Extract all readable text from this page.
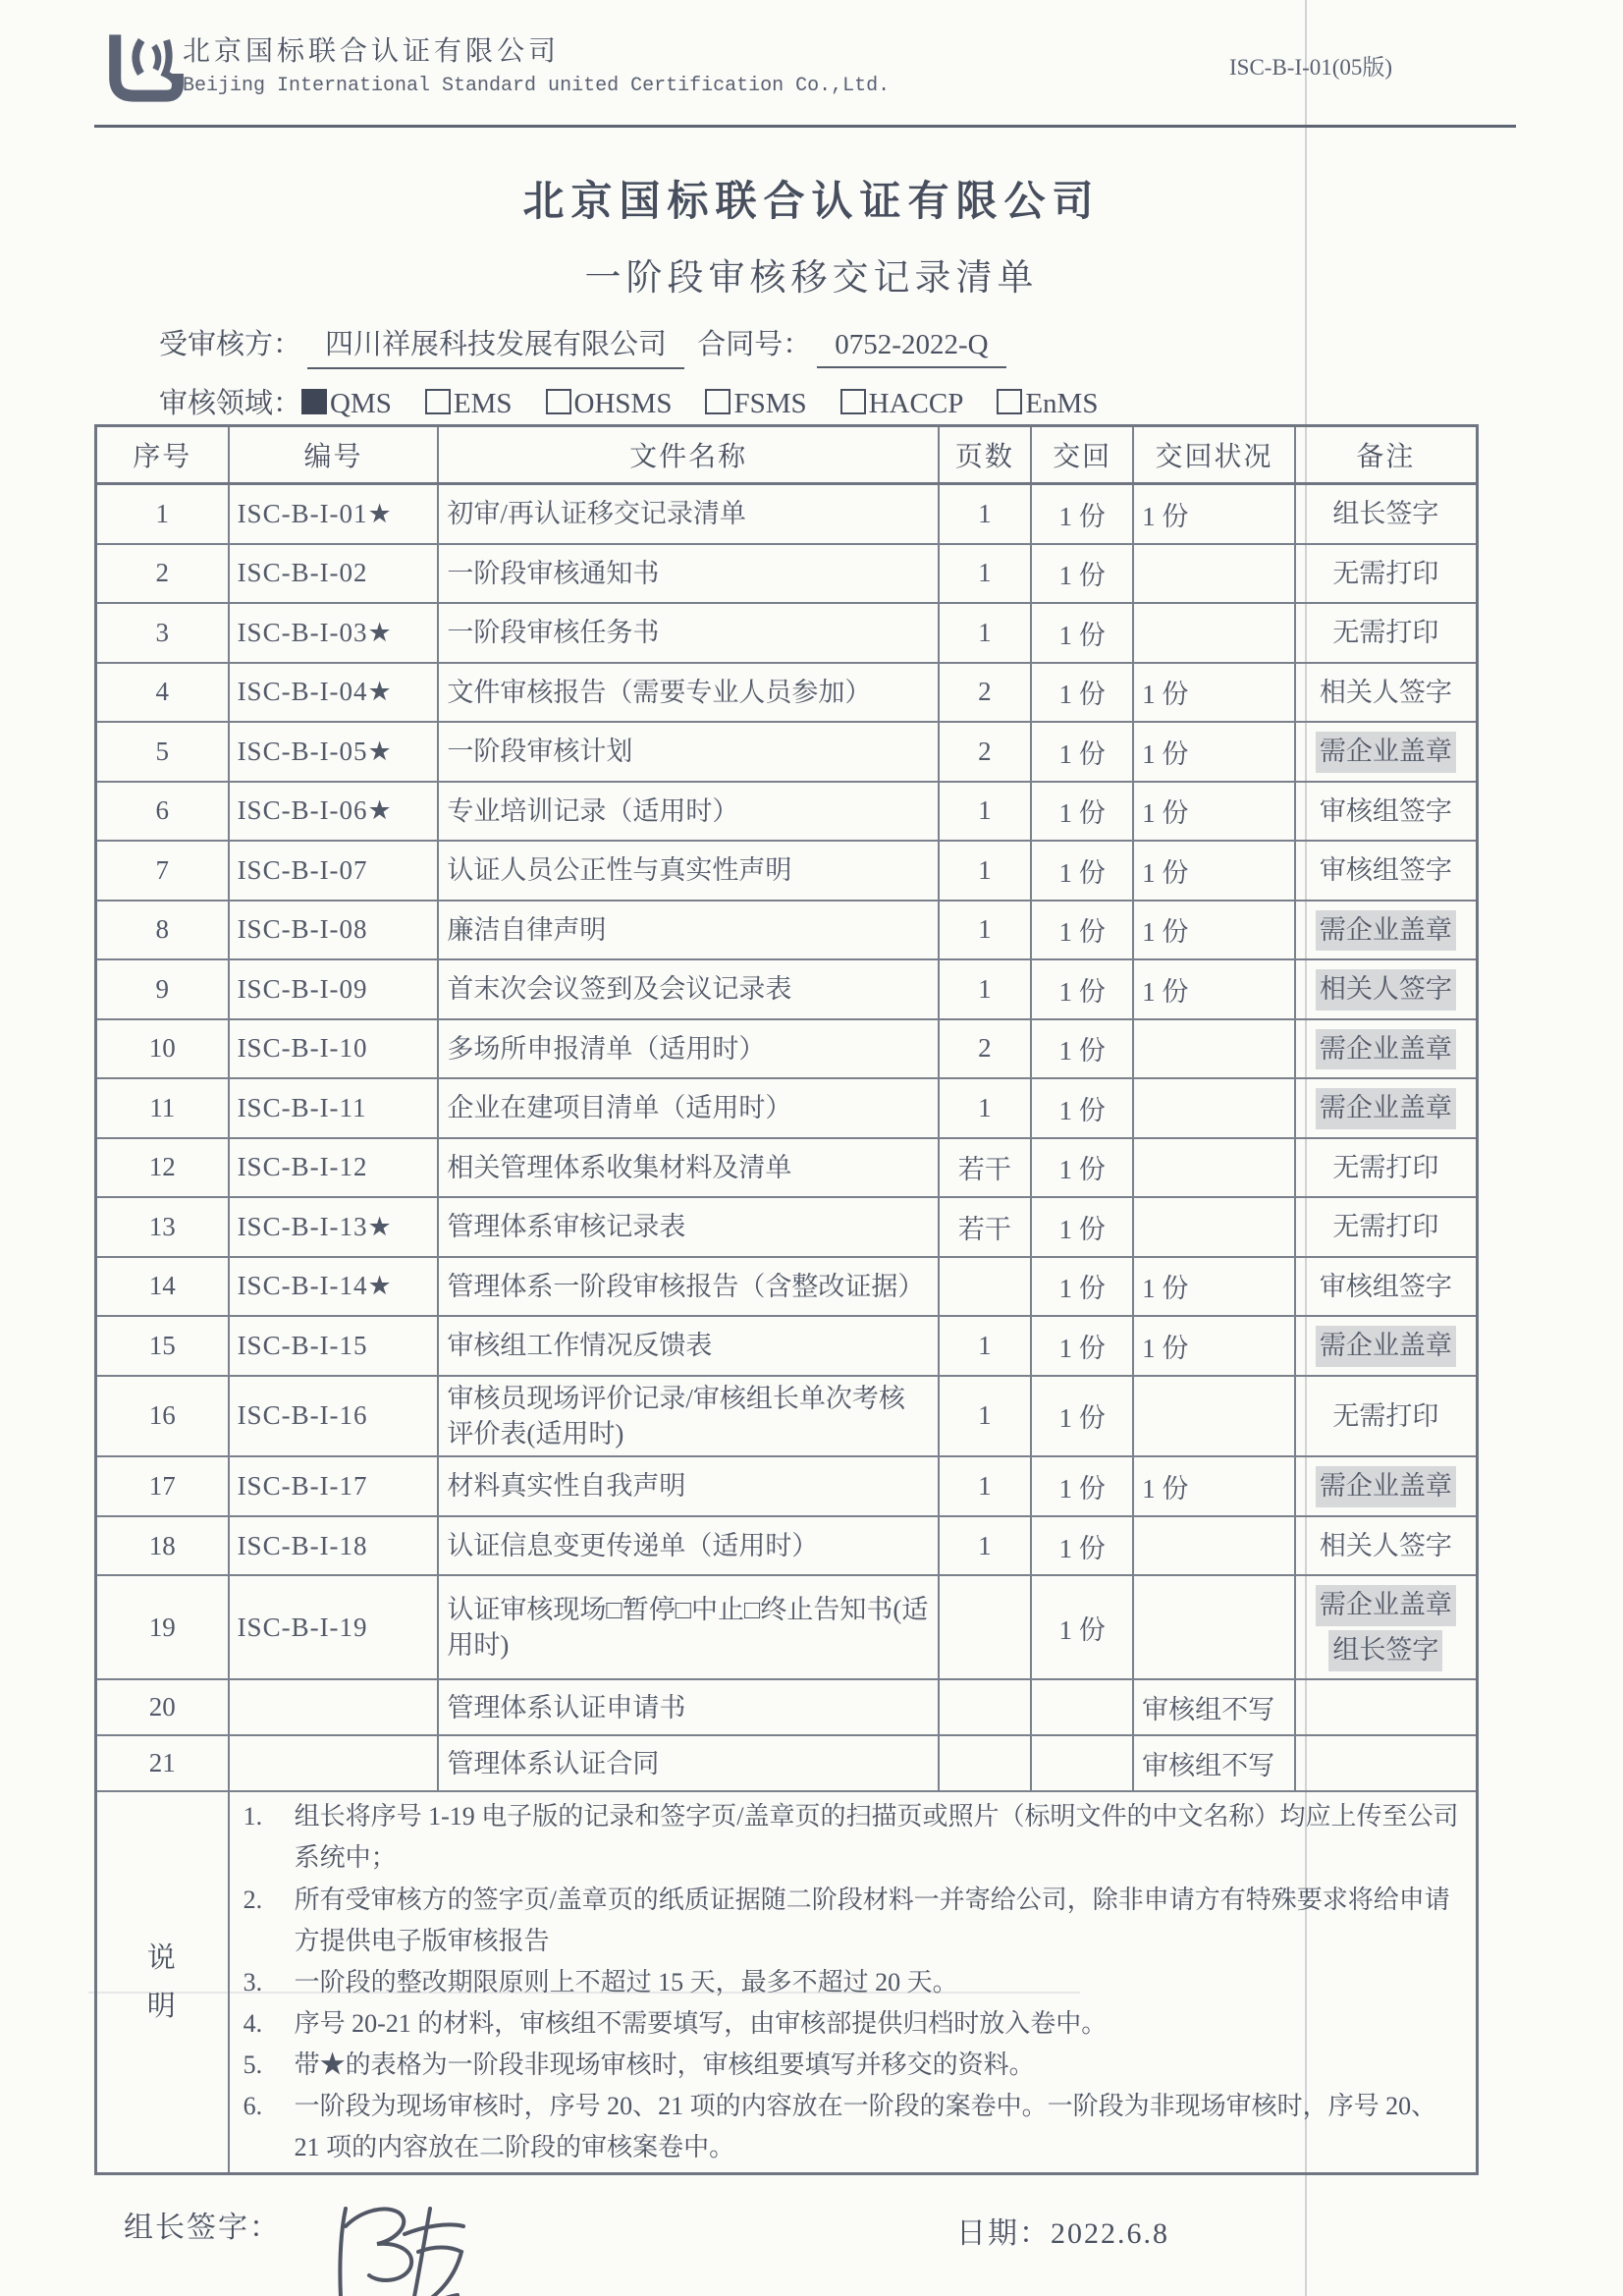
北京国标联合认证有限公司
Beijing International Standard united Certification Co.,Ltd.
ISC-B-I-01(05版)
北京国标联合认证有限公司
一阶段审核移交记录清单
受审核方： 四川祥展科技发展有限公司 合同号： 0752-2022-Q
审核领域： QMS EMS OHSMS FSMS HACCP EnMS
序号	编号	文件名称	页数	交回	交回状况	备注
1	ISC-B-I-01★	初审/再认证移交记录清单	1	1 份	1 份	组长签字

2	ISC-B-I-02	一阶段审核通知书	1	1 份		无需打印

3	ISC-B-I-03★	一阶段审核任务书	1	1 份		无需打印

4	ISC-B-I-04★	文件审核报告（需要专业人员参加）	2	1 份	1 份	相关人签字

5	ISC-B-I-05★	一阶段审核计划	2	1 份	1 份	需企业盖章

6	ISC-B-I-06★	专业培训记录（适用时）	1	1 份	1 份	审核组签字

7	ISC-B-I-07	认证人员公正性与真实性声明	1	1 份	1 份	审核组签字

8	ISC-B-I-08	廉洁自律声明	1	1 份	1 份	需企业盖章

9	ISC-B-I-09	首末次会议签到及会议记录表	1	1 份	1 份	相关人签字

10	ISC-B-I-10	多场所申报清单（适用时）	2	1 份		需企业盖章

11	ISC-B-I-11	企业在建项目清单（适用时）	1	1 份		需企业盖章

12	ISC-B-I-12	相关管理体系收集材料及清单	若干	1 份		无需打印

13	ISC-B-I-13★	管理体系审核记录表	若干	1 份		无需打印

14	ISC-B-I-14★	管理体系一阶段审核报告（含整改证据）		1 份	1 份	审核组签字

15	ISC-B-I-15	审核组工作情况反馈表	1	1 份	1 份	需企业盖章

16	ISC-B-I-16	审核员现场评价记录/审核组长单次考核评价表(适用时)	1	1 份		无需打印

17	ISC-B-I-17	材料真实性自我声明	1	1 份	1 份	需企业盖章

18	ISC-B-I-18	认证信息变更传递单（适用时）	1	1 份		相关人签字

19	ISC-B-I-19	认证审核现场□暂停□中止□终止告知书(适用时)		1 份		需企业盖章
组长签字

20		管理体系认证申请书			审核组不写	
21		管理体系认证合同			审核组不写	
说
明	
1.	组长将序号 1-19 电子版的记录和签字页/盖章页的扫描页或照片（标明文件的中文名称）均应上传至公司系统中；
2.	所有受审核方的签字页/盖章页的纸质证据随二阶段材料一并寄给公司，除非申请方有特殊要求将给申请方提供电子版审核报告
3.	一阶段的整改期限原则上不超过 15 天，最多不超过 20 天。
4.	序号 20-21 的材料，审核组不需要填写，由审核部提供归档时放入卷中。
5.	带★的表格为一阶段非现场审核时，审核组要填写并移交的资料。
6.	一阶段为现场审核时，序号 20、21 项的内容放在一阶段的案卷中。一阶段为非现场审核时，序号 20、21 项的内容放在二阶段的审核案卷中。
组长签字：	日期：2022.6.8
